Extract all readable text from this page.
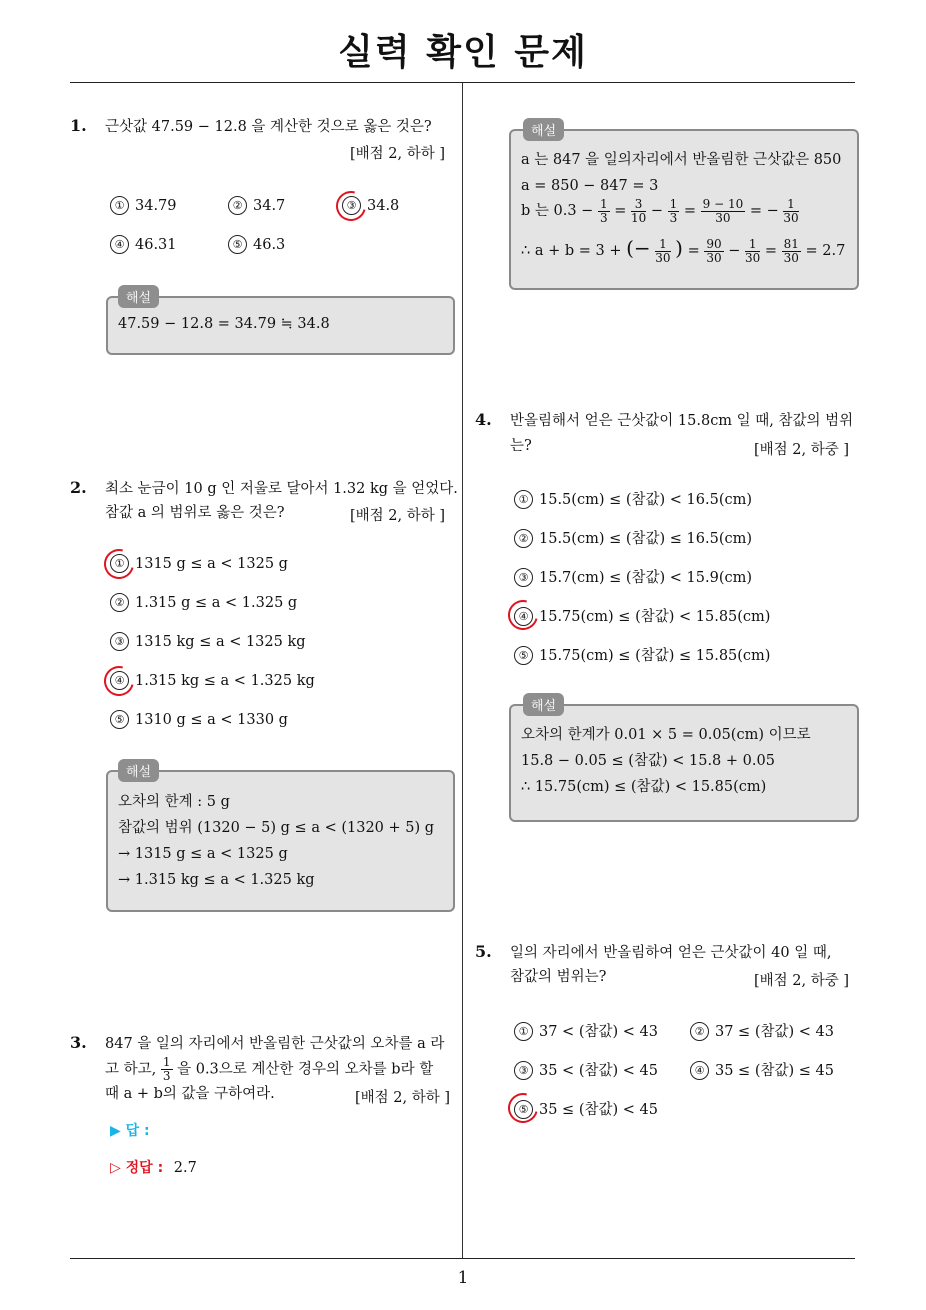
실력 확인 문제
1. 근삿값 47.59 − 12.8 을 계산한 것으로 옳은 것은?
[배점 2, 하하 ]
① 34.79	② 34.7	③ 34.8
④ 46.31	⑤ 46.3
해설
47.59 − 12.8 = 34.79 ≒ 34.8
2. 최소 눈금이 10 g 인 저울로 달아서 1.32 kg 을 얻었다.
참값 a 의 범위로 옳은 것은?	[배점 2, 하하 ]
① 1315 g ≤ a < 1325 g
② 1.315 g ≤ a < 1.325 g
③ 1315 kg ≤ a < 1325 kg
④ 1.315 kg ≤ a < 1.325 kg
⑤ 1310 g ≤ a < 1330 g
해설
오차의 한계 : 5 g
참값의 범위 (1320 − 5) g ≤ a < (1320 + 5) g
→ 1315 g ≤ a < 1325 g
→ 1.315 kg ≤ a < 1.325 kg
3. 847 을 일의 자리에서 반올림한 근삿값의 오차를 a 라
고 하고, $\frac{1}{3}$ 을 0.3으로 계산한 경우의 오차를 b라 할
때 a + b의 값을 구하여라.	[배점 2, 하하 ]
▶ 답 :
▷ 정답 : 2.7
해설
a 는 847 을 일의자리에서 반올림한 근삿값은 850
a = 850 − 847 = 3
b 는 $0.3 - \frac{1}{3} = \frac{3}{10} - \frac{1}{3} = \frac{9 - 10}{30}$ = − $\frac{1}{30}$
∴ a + b = 3 + (− $\frac{1}{30}$ ) = $\frac{90}{30} - \frac{1}{30} = \frac{81}{30} = 2.7$
4. 반올림해서 얻은 근삿값이 15.8cm 일 때, 참값의 범위
는?	[배점 2, 하중 ]
① 15.5(cm) ≤ (참값) < 16.5(cm)
② 15.5(cm) ≤ (참값) ≤ 16.5(cm)
③ 15.7(cm) ≤ (참값) < 15.9(cm)
④ 15.75(cm) ≤ (참값) < 15.85(cm)
⑤ 15.75(cm) ≤ (참값) ≤ 15.85(cm)
해설
오차의 한계가 0.01 × 5 = 0.05(cm) 이므로
15.8 − 0.05 ≤ (참값) < 15.8 + 0.05
∴ 15.75(cm) ≤ (참값) < 15.85(cm)
5. 일의 자리에서 반올림하여 얻은 근삿값이 40 일 때,
참값의 범위는?	[배점 2, 하중 ]
① 37 < (참값) < 43	② 37 ≤ (참값) < 43
③ 35 < (참값) < 45	④ 35 ≤ (참값) ≤ 45
⑤ 35 ≤ (참값) < 45
1
